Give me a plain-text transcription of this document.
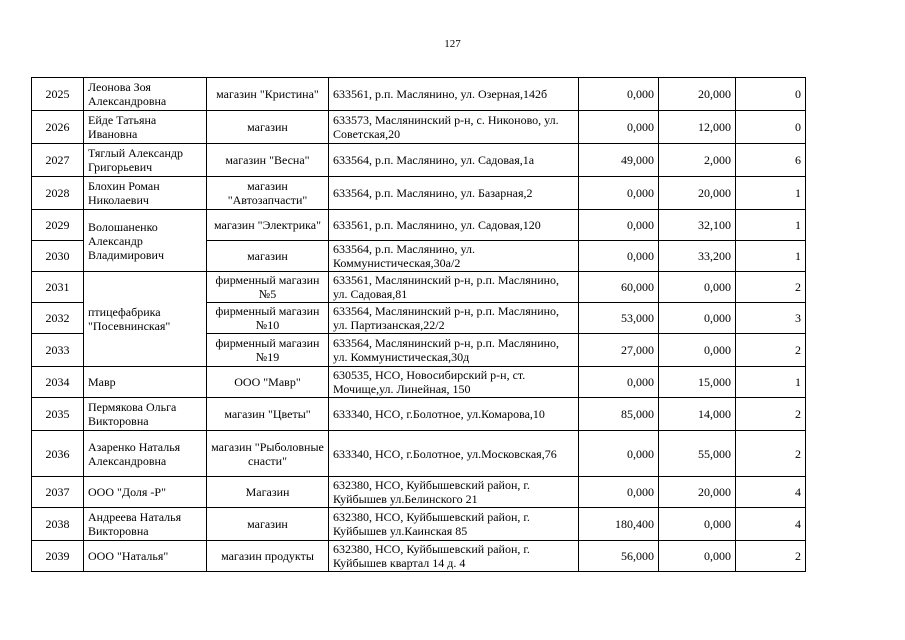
127
2025	Леонова Зоя Александровна	магазин "Кристина"	633561, р.п. Маслянино, ул. Озерная,142б	0,000	20,000	0
2026	Ейде Татьяна Ивановна	магазин	633573, Маслянинский р-н, с. Никоново, ул. Советская,20	0,000	12,000	0
2027	Тяглый Александр Григорьевич	магазин "Весна"	633564, р.п. Маслянино, ул. Садовая,1а	49,000	2,000	6
2028	Блохин Роман Николаевич	магазин "Автозапчасти"	633564, р.п. Маслянино, ул. Базарная,2	0,000	20,000	1
2029	Волошаненко Александр Владимирович	магазин "Электрика"	633561, р.п. Маслянино, ул. Садовая,120	0,000	32,100	1
2030		магазин	633564, р.п. Маслянино, ул. Коммунистическая,30а/2	0,000	33,200	1
2031	птицефабрика "Посевнинская"	фирменный магазин №5	633561, Маслянинский р-н, р.п. Маслянино, ул. Садовая,81	60,000	0,000	2
2032		фирменный магазин №10	633564, Маслянинский р-н, р.п. Маслянино, ул. Партизанская,22/2	53,000	0,000	3
2033		фирменный магазин №19	633564, Маслянинский р-н, р.п. Маслянино, ул. Коммунистическая,30д	27,000	0,000	2
2034	Мавр	ООО "Мавр"	630535, НСО, Новосибирский р-н, ст. Мочище,ул. Линейная, 150	0,000	15,000	1
2035	Пермякова Ольга Викторовна	магазин "Цветы"	633340, НСО, г.Болотное, ул.Комарова,10	85,000	14,000	2
2036	Азаренко Наталья Александровна	магазин "Рыболовные снасти"	633340, НСО, г.Болотное, ул.Московская,76	0,000	55,000	2
2037	ООО "Доля -Р"	Магазин	632380, НСО, Куйбышевский район, г. Куйбышев ул.Белинского 21	0,000	20,000	4
2038	Андреева Наталья Викторовна	магазин	632380, НСО, Куйбышевский район, г. Куйбышев ул.Каинская 85	180,400	0,000	4
2039	ООО "Наталья"	магазин продукты	632380, НСО, Куйбышевский район, г. Куйбышев квартал 14 д. 4	56,000	0,000	2
